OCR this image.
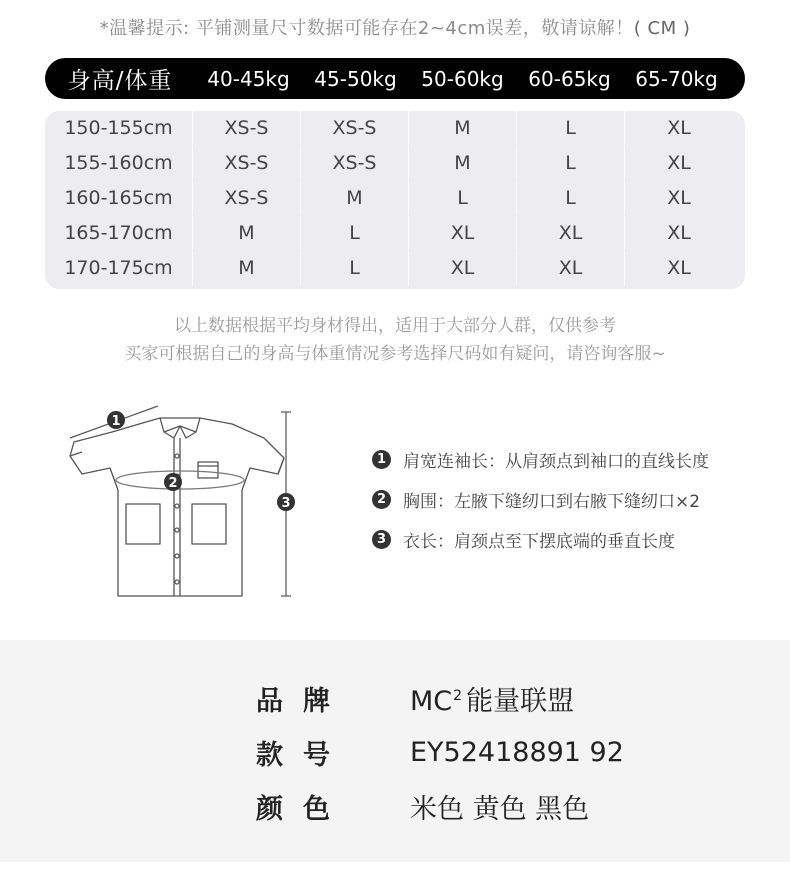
*温馨提示: 平铺测量尺寸数据可能存在2~4cm误差，敬请谅解！( CM )
身高/体重	40-45kg	45-50kg	50-60kg	60-65kg	65-70kg
150-155cm	XS-S	XS-S	M	L	XL
155-160cm	XS-S	XS-S	M	L	XL
160-165cm	XS-S	M	L	L	XL
165-170cm	M	L	XL	XL	XL
170-175cm	M	L	XL	XL	XL
以上数据根据平均身材得出，适用于大部分人群，仅供参考
买家可根据自己的身高与体重情况参考选择尺码如有疑问，请咨询客服~
1
2
3
1 肩宽连袖长：从肩颈点到袖口的直线长度
2 胸围：左腋下缝纫口到右腋下缝纫口×2
3 衣长：肩颈点至下摆底端的垂直长度
品牌 $MC^2$ 能量联盟
款号 EY52418891 92
颜色 米色 黄色 黑色
